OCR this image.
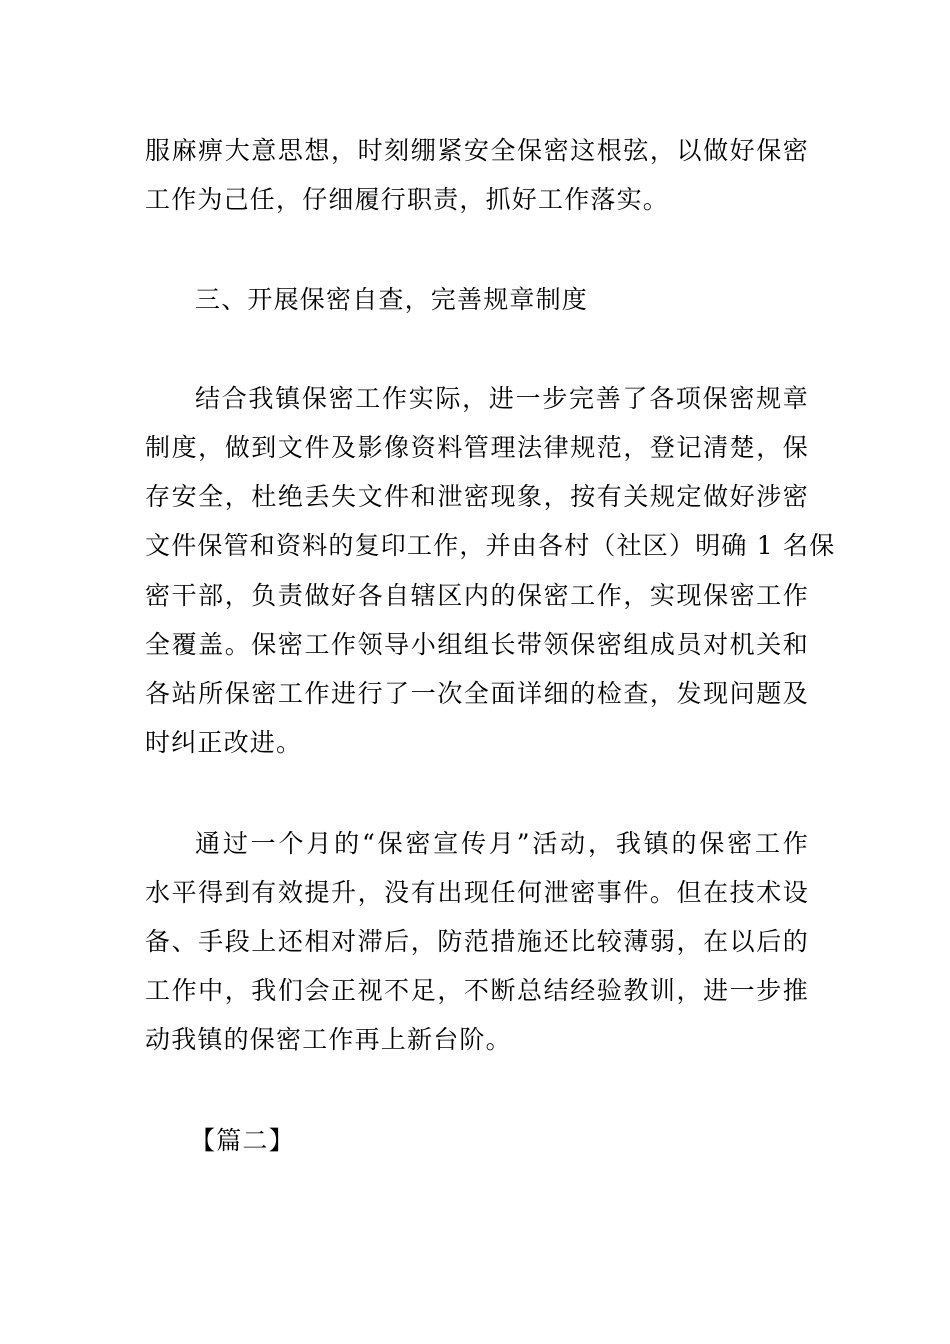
服麻痹大意思想，时刻绷紧安全保密这根弦，以做好保密
工作为己任，仔细履行职责，抓好工作落实。
三、开展保密自查，完善规章制度
结合我镇保密工作实际，进一步完善了各项保密规章
制度，做到文件及影像资料管理法律规范，登记清楚，保
存安全，杜绝丢失文件和泄密现象，按有关规定做好涉密
文件保管和资料的复印工作，并由各村（社区）明确 1 名保
密干部，负责做好各自辖区内的保密工作，实现保密工作
全覆盖。保密工作领导小组组长带领保密组成员对机关和
各站所保密工作进行了一次全面详细的检查，发现问题及
时纠正改进。
通过一个月的“保密宣传月”活动，我镇的保密工作
水平得到有效提升，没有出现任何泄密事件。但在技术设
备、手段上还相对滞后，防范措施还比较薄弱，在以后的
工作中，我们会正视不足，不断总结经验教训，进一步推
动我镇的保密工作再上新台阶。
【篇二】
